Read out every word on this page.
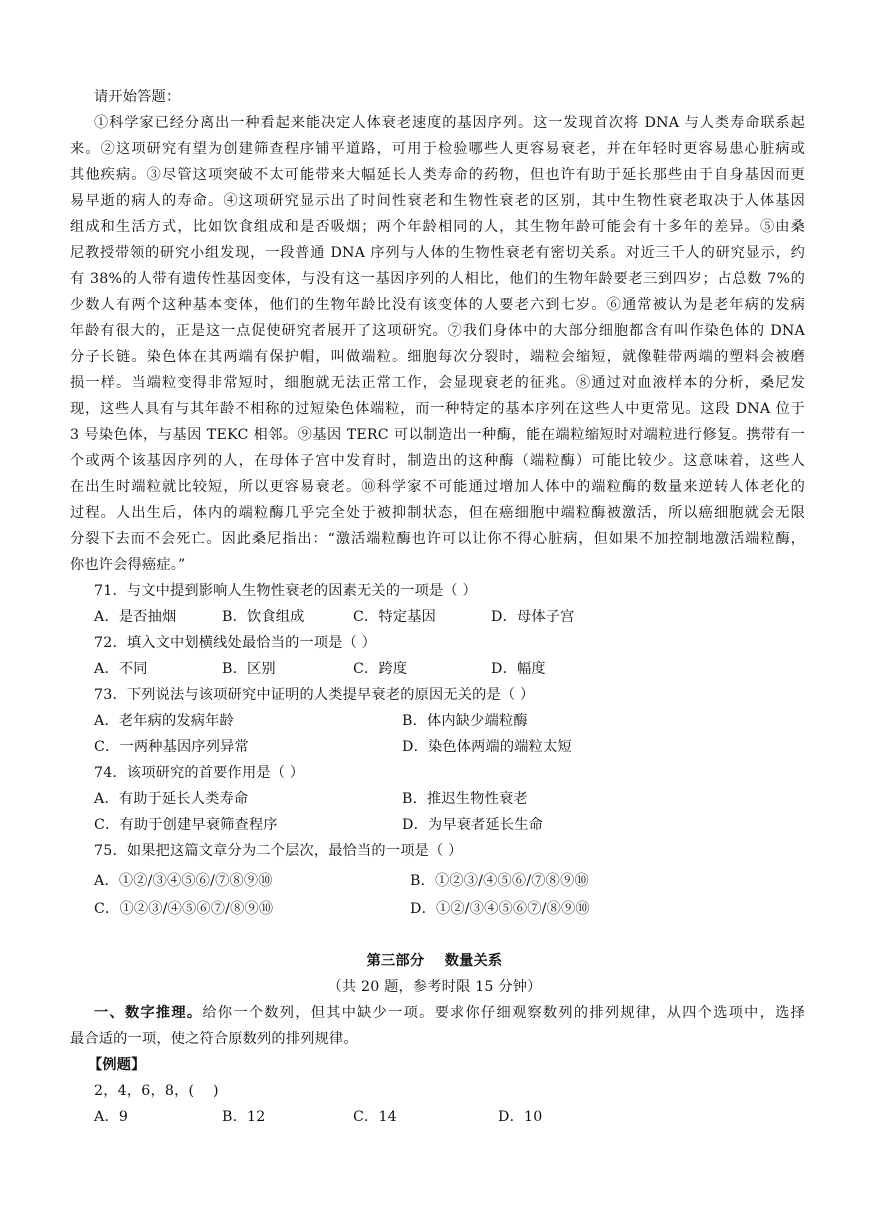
请开始答题：
①科学家已经分离出一种看起来能决定人体衰老速度的基因序列。这一发现首次将 DNA 与人类寿命联系起
来。②这项研究有望为创建筛查程序铺平道路，可用于检验哪些人更容易衰老，并在年轻时更容易患心脏病或
其他疾病。③尽管这项突破不太可能带来大幅延长人类寿命的药物，但也许有助于延长那些由于自身基因而更
易早逝的病人的寿命。④这项研究显示出了时间性衰老和生物性衰老的区别，其中生物性衰老取决于人体基因
组成和生活方式，比如饮食组成和是否吸烟；两个年龄相同的人，其生物年龄可能会有十多年的差异。⑤由桑
尼教授带领的研究小组发现，一段普通 DNA 序列与人体的生物性衰老有密切关系。对近三千人的研究显示，约
有 38%的人带有遗传性基因变体，与没有这一基因序列的人相比，他们的生物年龄要老三到四岁；占总数 7%的
少数人有两个这种基本变体，他们的生物年龄比没有该变体的人要老六到七岁。⑥通常被认为是老年病的发病
年龄有很大的，正是这一点促使研究者展开了这项研究。⑦我们身体中的大部分细胞都含有叫作染色体的 DNA
分子长链。染色体在其两端有保护帽，叫做端粒。细胞每次分裂时，端粒会缩短，就像鞋带两端的塑料会被磨
损一样。当端粒变得非常短时，细胞就无法正常工作，会显现衰老的征兆。⑧通过对血液样本的分析，桑尼发
现，这些人具有与其年龄不相称的过短染色体端粒，而一种特定的基本序列在这些人中更常见。这段 DNA 位于
3 号染色体，与基因 TEKC 相邻。⑨基因 TERC 可以制造出一种酶，能在端粒缩短时对端粒进行修复。携带有一
个或两个该基因序列的人，在母体子宫中发育时，制造出的这种酶（端粒酶）可能比较少。这意味着，这些人
在出生时端粒就比较短，所以更容易衰老。⑩科学家不可能通过增加人体中的端粒酶的数量来逆转人体老化的
过程。人出生后，体内的端粒酶几乎完全处于被抑制状态，但在癌细胞中端粒酶被激活，所以癌细胞就会无限
分裂下去而不会死亡。因此桑尼指出：“激活端粒酶也许可以让你不得心脏病，但如果不加控制地激活端粒酶，
你也许会得癌症。”
71．与文中提到影响人生物性衰老的因素无关的一项是（ ）
A．是否抽烟	B．饮食组成	C．特定基因	D．母体子宫
72．填入文中划横线处最恰当的一项是（ ）
A．不同	B．区别	C．跨度	D．幅度
73．下列说法与该项研究中证明的人类提早衰老的原因无关的是（ ）
A．老年病的发病年龄	B．体内缺少端粒酶
C．一两种基因序列异常	D．染色体两端的端粒太短
74．该项研究的首要作用是（ ）
A．有助于延长人类寿命	B．推迟生物性衰老
C．有助于创建早衰筛查程序	D．为早衰者延长生命
75．如果把这篇文章分为二个层次，最恰当的一项是（ ）
A．①②/③④⑤⑥/⑦⑧⑨⑩	B．①②③/④⑤⑥/⑦⑧⑨⑩
C．①②③/④⑤⑥⑦/⑧⑨⑩	D．①②/③④⑤⑥⑦/⑧⑨⑩
第三部分    数量关系
（共 20 题，参考时限 15 分钟）
一、数字推理。给你一个数列，但其中缺少一项。要求你仔细观察数列的排列规律，从四个选项中，选择
最合适的一项，使之符合原数列的排列规律。
【例题】
2，4，6，8，(    )
A．9	B．12	C．14	D．10
